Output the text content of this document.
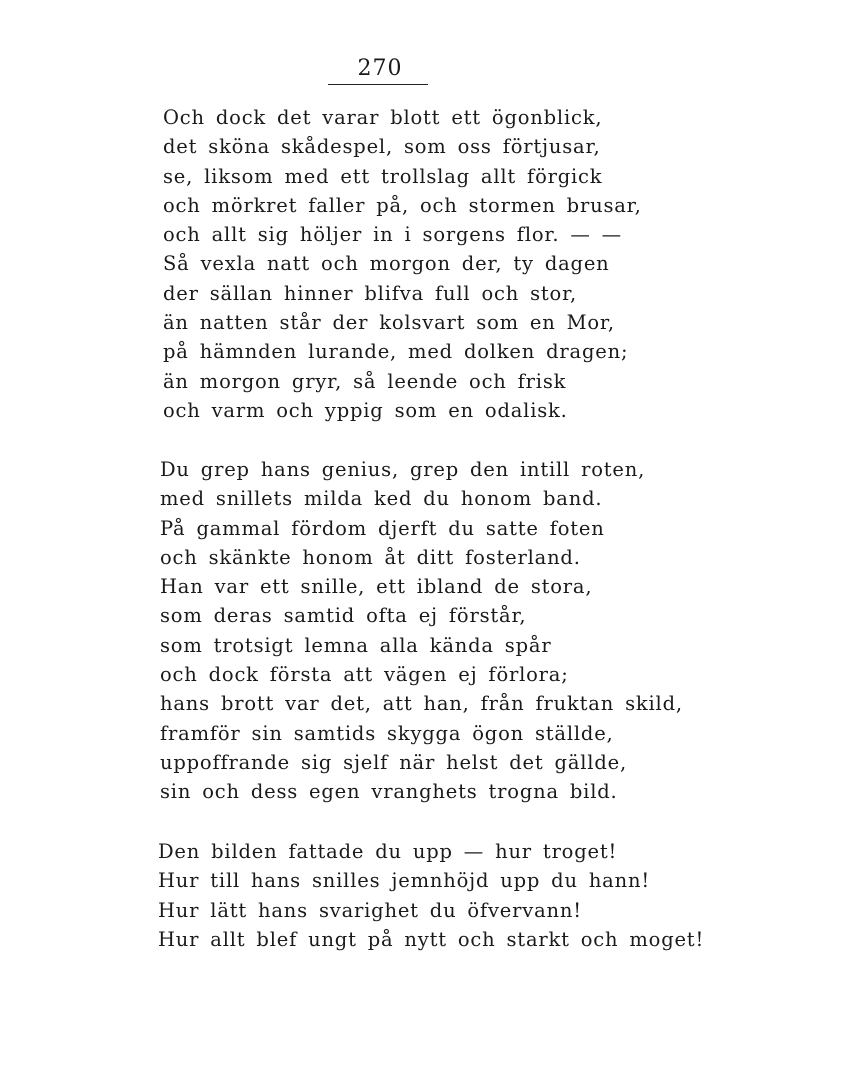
270
Och dock det varar blott ett ögonblick,
det sköna skådespel, som oss förtjusar,
se, liksom med ett trollslag allt förgick
och mörkret faller på, och stormen brusar,
och allt sig höljer in i sorgens flor. — —
Så vexla natt och morgon der, ty dagen
der sällan hinner blifva full och stor,
än natten står der kolsvart som en Mor,
på hämnden lurande, med dolken dragen;
än morgon gryr, så leende och frisk
och varm och yppig som en odalisk.
Du grep hans genius, grep den intill roten,
med snillets milda ked du honom band.
På gammal fördom djerft du satte foten
och skänkte honom åt ditt fosterland.
Han var ett snille, ett ibland de stora,
som deras samtid ofta ej förstår,
som trotsigt lemna alla kända spår
och dock första att vägen ej förlora;
hans brott var det, att han, från fruktan skild,
framför sin samtids skygga ögon ställde,
uppoffrande sig sjelf när helst det gällde,
sin och dess egen vranghets trogna bild.
Den bilden fattade du upp — hur troget!
Hur till hans snilles jemnhöjd upp du hann!
Hur lätt hans svarighet du öfvervann!
Hur allt blef ungt på nytt och starkt och moget!
